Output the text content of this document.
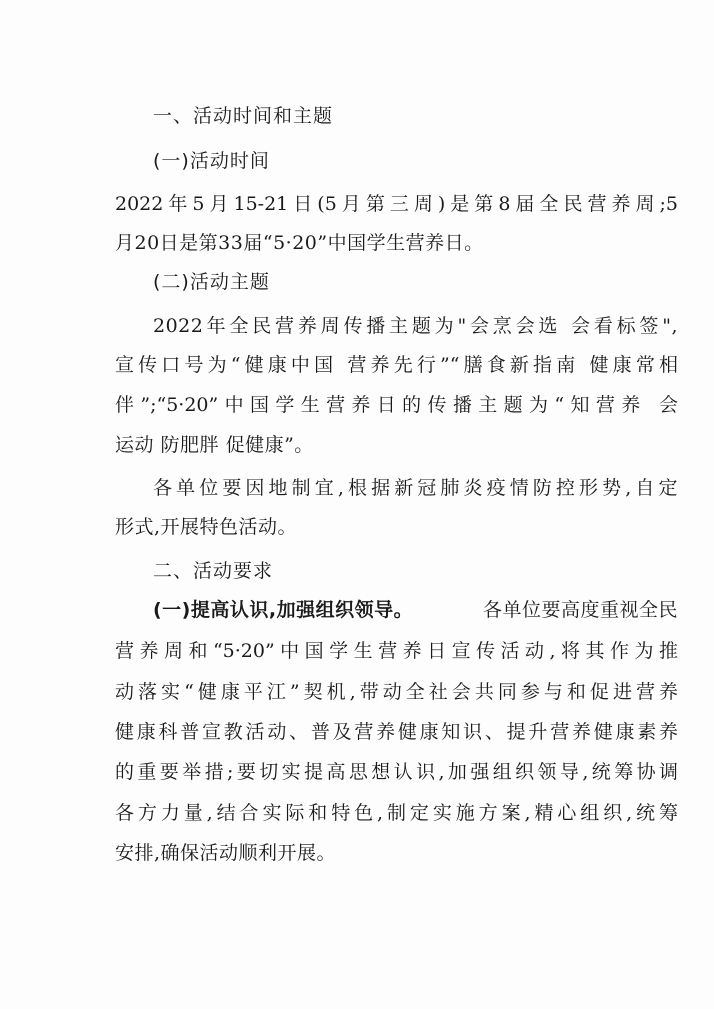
一、活动时间和主题
(一)活动时间
2022年5月15-21日(5月第三周)是第8届全民营养周;5
月20日是第33届“5·20”中国学生营养日。
(二)活动主题
2022年全民营养周传播主题为"会烹会选 会看标签",
宣传口号为“健康中国 营养先行”“膳食新指南 健康常相
伴”;“5·20”中国学生营养日的传播主题为“知营养 会
运动 防肥胖 促健康”。
各单位要因地制宜,根据新冠肺炎疫情防控形势,自定
形式,开展特色活动。
二、活动要求
(一)提高认识,加强组织领导。	各单位要高度重视全民
营养周和“5·20”中国学生营养日宣传活动,将其作为推
动落实“健康平江”契机,带动全社会共同参与和促进营养
健康科普宣教活动、普及营养健康知识、提升营养健康素养
的重要举措;要切实提高思想认识,加强组织领导,统筹协调
各方力量,结合实际和特色,制定实施方案,精心组织,统筹
安排,确保活动顺利开展。
